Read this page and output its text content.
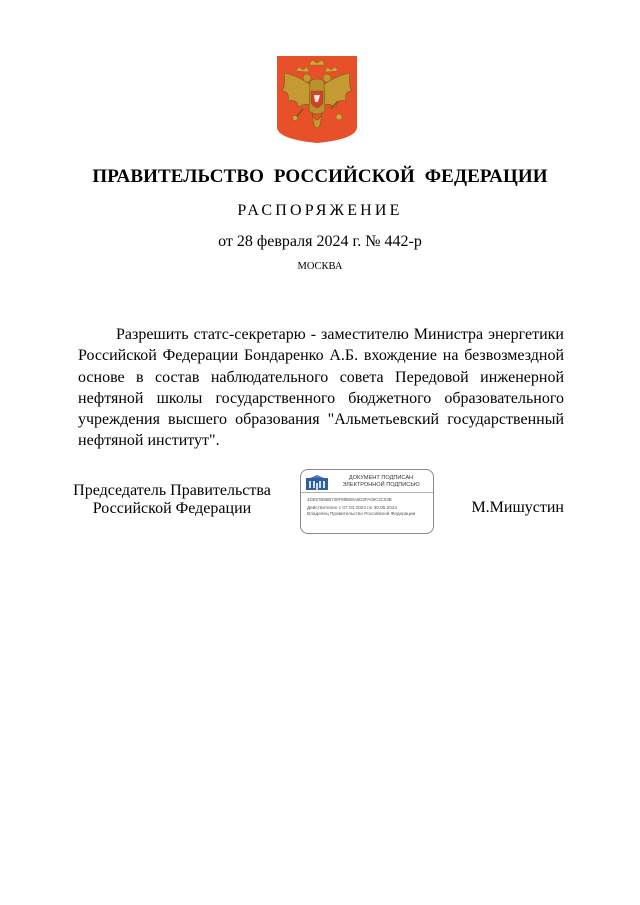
ПРАВИТЕЛЬСТВО РОССИЙСКОЙ ФЕДЕРАЦИИ
РАСПОРЯЖЕНИЕ
от 28 февраля 2024 г. № 442-р
МОСКВА

Разрешить статс-секретарю - заместителю Министра энергетики Российской Федерации Бондаренко А.Б. вхождение на безвозмездной основе в состав наблюдательного совета Передовой инженерной нефтяной школы государственного бюджетного образовательного учреждения высшего образования "Альметьевский государственный нефтяной институт".

Председатель Правительства Российской Федерации
ДОКУМЕНТ ПОДПИСАН ЭЛЕКТРОННОЙ ПОДПИСЬЮ
4DE57B86B730F88B06A6D3FA09C3C03B
Действителен с 07.03.2023 по 30.05.2024
Владелец Правительство Российской Федерации	М.Мишустин
